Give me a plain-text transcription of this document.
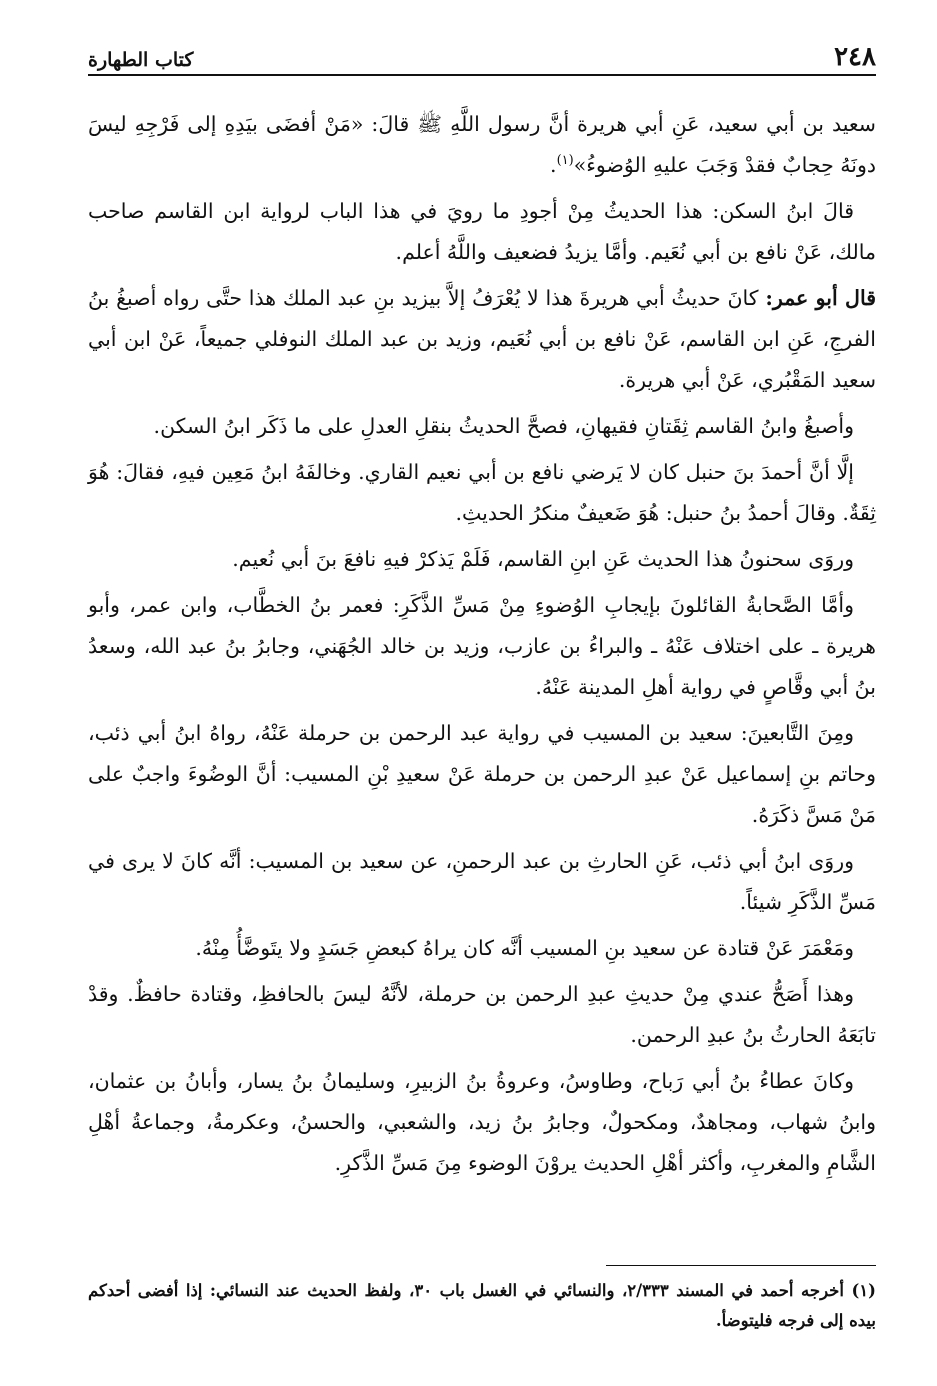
٢٤٨
كتاب الطهارة

سعيد بن أبي سعيد، عَنِ أبي هريرة أنَّ رسول اللَّهِ ﷺ قالَ: «مَنْ أفضَى بيَدِهِ إلى فَرْجِهِ ليسَ دونَهُ حِجابٌ فقدْ وَجَبَ عليهِ الوُضوءُ»$^{(١)}$.

قالَ ابنُ السكن: هذا الحديثُ مِنْ أجودِ ما رويَ في هذا الباب لرواية ابن القاسم صاحب مالك، عَنْ نافع بن أبي نُعَيم. وأمَّا يزيدُ فضعيف واللَّهُ أعلم.

قال أبو عمر: كانَ حديثُ أبي هريرةَ هذا لا يُعْرَفُ إلاَّ بيزيد بنِ عبد الملك هذا حتَّى رواه أصبغُ بنُ الفرجِ، عَنِ ابن القاسم، عَنْ نافع بن أبي نُعَيم، وزيد بن عبد الملك النوفلي جميعاً، عَنْ ابن أبي سعيد المَقْبُري، عَنْ أبي هريرة.

وأصبغُ وابنُ القاسم ثِقَتانِ فقيهانِ، فصحَّ الحديثُ بنقلِ العدلِ على ما ذَكَر ابنُ السكن.

إلَّا أنَّ أحمدَ بنَ حنبل كان لا يَرضي نافع بن أبي نعيم القاري. وخالفَهُ ابنُ مَعِين فيهِ، فقالَ: هُوَ ثِقَةٌ. وقالَ أحمدُ بنُ حنبل: هُوَ ضَعيفٌ منكرُ الحديثِ.

وروَى سحنونُ هذا الحديث عَنِ ابنِ القاسم، فَلَمْ يَذكرْ فيهِ نافعَ بنَ أبي نُعيم.

وأمَّا الصَّحابةُ القائلونَ بإيجابِ الوُضوءِ مِنْ مَسِّ الذَّكَرِ: فعمر بنُ الخطَّاب، وابن عمر، وأبو هريرة ـ على اختلاف عَنْهُ ـ والبراءُ بن عازب، وزيد بن خالد الجُهَني، وجابرُ بنُ عبد الله، وسعدُ بنُ أبي وقَّاصٍ في رواية أهلِ المدينة عَنْهُ.

ومِنَ التَّابعينَ: سعيد بن المسيب في رواية عبد الرحمن بن حرملة عَنْهُ، رواهُ ابنُ أبي ذئب، وحاتم بنِ إسماعيل عَنْ عبدِ الرحمن بن حرملة عَنْ سعيدِ بْنِ المسيب: أنَّ الوضُوءَ واجبٌ على مَنْ مَسَّ ذكَرَهُ.

وروَى ابنُ أبي ذئب، عَنِ الحارثِ بن عبد الرحمنِ، عن سعيد بن المسيب: أنَّه كانَ لا يرى في مَسِّ الذَّكَرِ شيئاً.

ومَعْمَرَ عَنْ قتادة عن سعيد بنِ المسيب أنَّه كان يراهُ كبعضِ جَسَدٍ ولا يتَوضَّأُ مِنْهُ.

وهذا أَصَحُّ عندي مِنْ حديثِ عبدِ الرحمن بن حرملة، لأنَّهُ ليسَ بالحافظِ، وقتادة حافظٌ. وقدْ تابَعَهُ الحارثُ بنُ عبدِ الرحمن.

وكانَ عطاءُ بنُ أبي رَباح، وطاوسُ، وعروةُ بنُ الزبيرِ، وسليمانُ بنُ يسار، وأبانُ بن عثمان، وابنُ شهاب، ومجاهدٌ، ومكحولٌ، وجابرُ بنُ زيد، والشعبي، والحسنُ، وعكرمةُ، وجماعةُ أهْلِ الشَّامِ والمغربِ، وأكثر أهْلِ الحديث يروْنَ الوضوء مِنَ مَسِّ الذَّكرِ.

(١) أخرجه أحمد في المسند ٢/٣٣٣، والنسائي في الغسل باب ٣٠، ولفظ الحديث عند النسائي: إذا أفضى أحدكم بيده إلى فرجه فليتوضأ.
